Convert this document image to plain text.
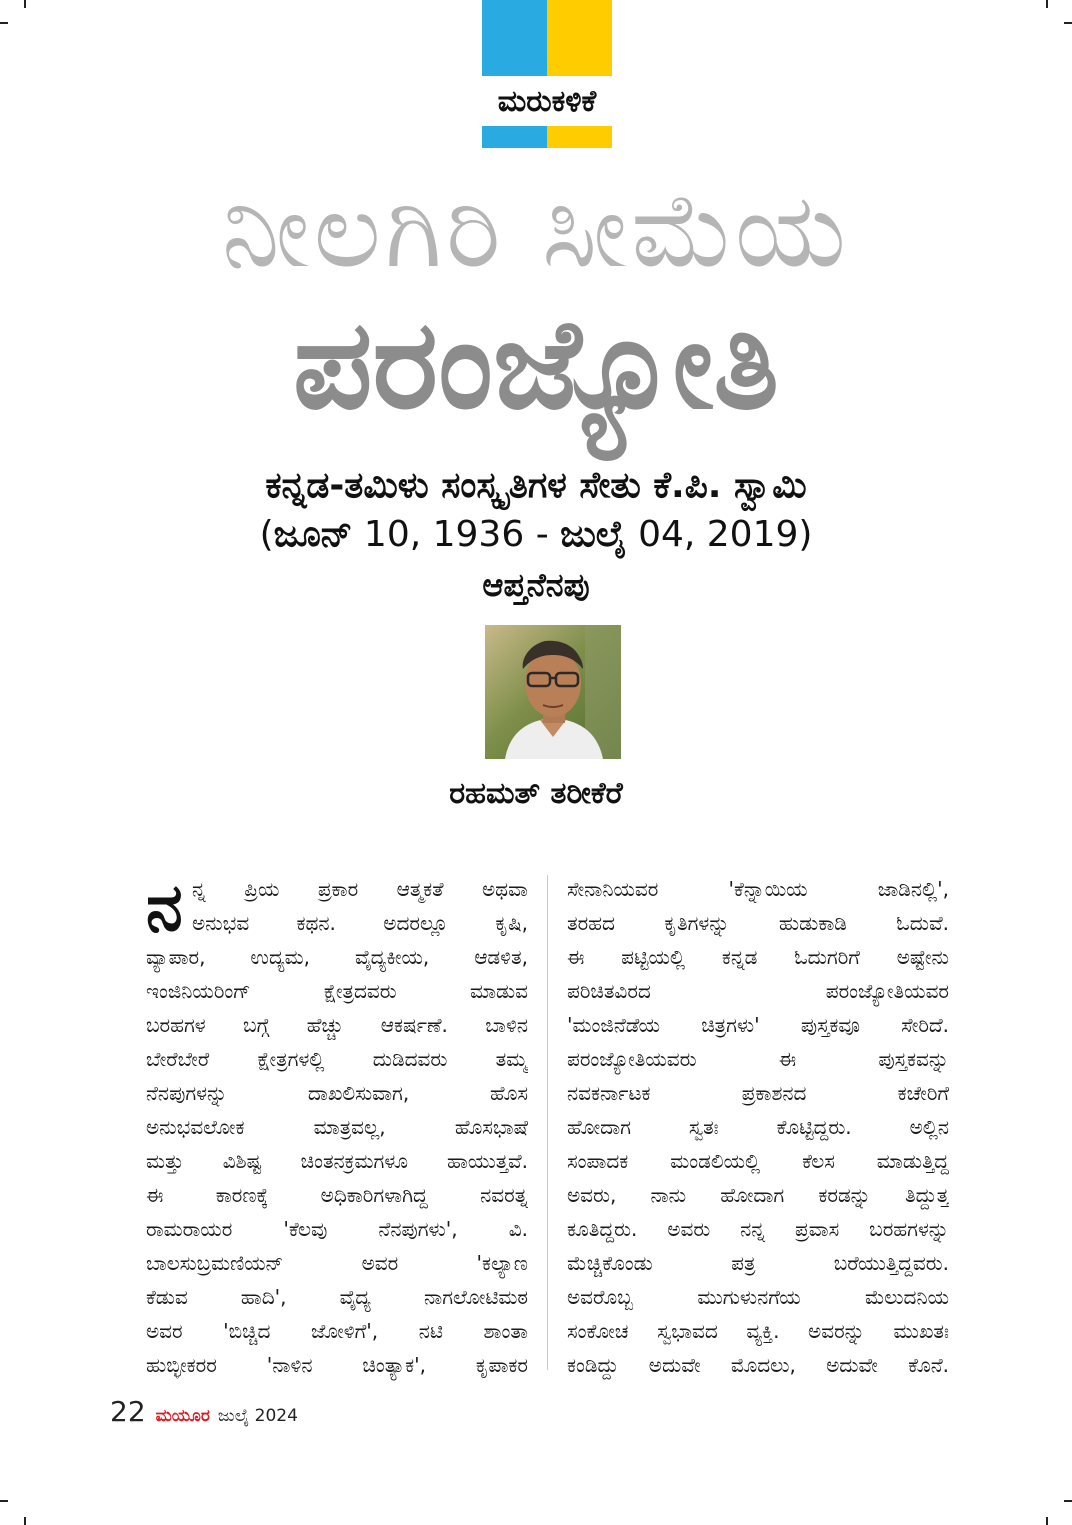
ಮರುಕಳಿಕೆ
ನೀಲಗಿರಿ ಸೀಮೆಯ
ಪರಂಜ್ಯೋತಿ
ಕನ್ನಡ-ತಮಿಳು ಸಂಸ್ಕೃತಿಗಳ ಸೇತು ಕೆ.ಪಿ. ಸ್ವಾಮಿ
(ಜೂನ್ 10, 1936 - ಜುಲೈ 04, 2019)
ಆಪ್ತನೆನಪು
ರಹಮತ್ ತರೀಕೆರೆ
ನ ನ್ನ ಪ್ರಿಯ ಪ್ರಕಾರ ಆತ್ಮಕತೆ ಅಥವಾ
ಅನುಭವ ಕಥನ. ಅದರಲ್ಲೂ ಕೃಷಿ,
ವ್ಯಾಪಾರ, ಉದ್ಯಮ, ವೈದ್ಯಕೀಯ, ಆಡಳಿತ,
ಇಂಜಿನಿಯರಿಂಗ್ ಕ್ಷೇತ್ರದವರು ಮಾಡುವ
ಬರಹಗಳ ಬಗ್ಗೆ ಹೆಚ್ಚು ಆಕರ್ಷಣೆ. ಬಾಳಿನ
ಬೇರೆಬೇರೆ ಕ್ಷೇತ್ರಗಳಲ್ಲಿ ದುಡಿದವರು ತಮ್ಮ
ನೆನಪುಗಳನ್ನು ದಾಖಲಿಸುವಾಗ, ಹೊಸ
ಅನುಭವಲೋಕ ಮಾತ್ರವಲ್ಲ, ಹೊಸಭಾಷೆ
ಮತ್ತು ವಿಶಿಷ್ಟ ಚಿಂತನಕ್ರಮಗಳೂ ಹಾಯುತ್ತವೆ.
ಈ ಕಾರಣಕ್ಕೆ ಅಧಿಕಾರಿಗಳಾಗಿದ್ದ ನವರತ್ನ
ರಾಮರಾಯರ 'ಕೆಲವು ನೆನಪುಗಳು', ವಿ.
ಬಾಲಸುಬ್ರಮಣಿಯನ್ ಅವರ 'ಕಲ್ಯಾಣ
ಕೆಡುವ ಹಾದಿ', ವೈದ್ಯ ನಾಗಲೋಟಿಮಠ
ಅವರ 'ಬಿಚ್ಚಿದ ಜೋಳಿಗೆ', ನಟಿ ಶಾಂತಾ
ಹುಬ್ಳೀಕರರ 'ನಾಳಿನ ಚಿಂತ್ಯಾಕ', ಕೃಪಾಕರ
ಸೇನಾನಿಯವರ 'ಕೆನ್ನಾಯಿಯ ಜಾಡಿನಲ್ಲಿ',
ತರಹದ ಕೃತಿಗಳನ್ನು ಹುಡುಕಾಡಿ ಓದುವೆ.
ಈ ಪಟ್ಟಿಯಲ್ಲಿ ಕನ್ನಡ ಓದುಗರಿಗೆ ಅಷ್ಟೇನು
ಪರಿಚಿತವಿರದ ಪರಂಜ್ಯೋತಿಯವರ
'ಮಂಜಿನೆಡೆಯ ಚಿತ್ರಗಳು' ಪುಸ್ತಕವೂ ಸೇರಿದೆ.
ಪರಂಜ್ಯೋತಿಯವರು ಈ ಪುಸ್ತಕವನ್ನು
ನವಕರ್ನಾಟಕ ಪ್ರಕಾಶನದ ಕಚೇರಿಗೆ
ಹೋದಾಗ ಸ್ವತಃ ಕೊಟ್ಟಿದ್ದರು. ಅಲ್ಲಿನ
ಸಂಪಾದಕ ಮಂಡಲಿಯಲ್ಲಿ ಕೆಲಸ ಮಾಡುತ್ತಿದ್ದ
ಅವರು, ನಾನು ಹೋದಾಗ ಕರಡನ್ನು ತಿದ್ದುತ್ತ
ಕೂತಿದ್ದರು. ಅವರು ನನ್ನ ಪ್ರವಾಸ ಬರಹಗಳನ್ನು
ಮೆಚ್ಚಿಕೊಂಡು ಪತ್ರ ಬರೆಯುತ್ತಿದ್ದವರು.
ಅವರೊಬ್ಬ ಮುಗುಳುನಗೆಯ ಮೆಲುದನಿಯ
ಸಂಕೋಚ ಸ್ವಭಾವದ ವ್ಯಕ್ತಿ. ಅವರನ್ನು ಮುಖತಃ
ಕಂಡಿದ್ದು ಅದುವೇ ಮೊದಲು, ಅದುವೇ ಕೊನೆ.
22 ಮಯೂರ ಜುಲೈ 2024
